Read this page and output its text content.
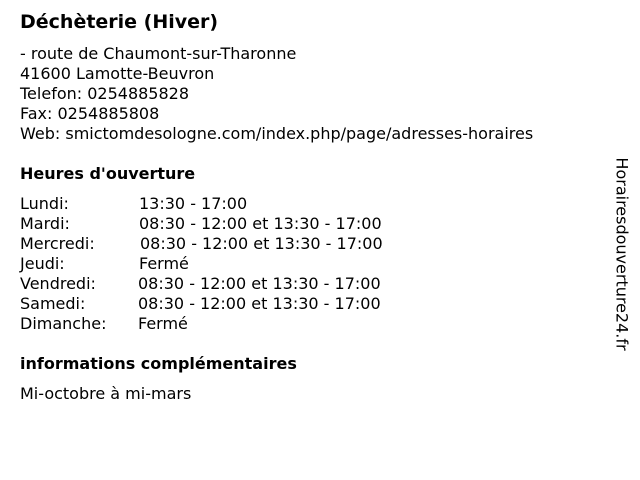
Déchèterie (Hiver)
- route de Chaumont-sur-Tharonne
41600 Lamotte-Beuvron
Telefon: 0254885828
Fax: 0254885808
Web: smictomdesologne.com/index.php/page/adresses-horaires
Heures d'ouverture
Lundi:	13:30 - 17:00
Mardi:	08:30 - 12:00 et 13:30 - 17:00
Mercredi:	08:30 - 12:00 et 13:30 - 17:00
Jeudi:	Fermé
Vendredi:	08:30 - 12:00 et 13:30 - 17:00
Samedi:	08:30 - 12:00 et 13:30 - 17:00
Dimanche: Fermé
informations complémentaires
Mi-octobre à mi-mars
Horairesdouverture24.fr
